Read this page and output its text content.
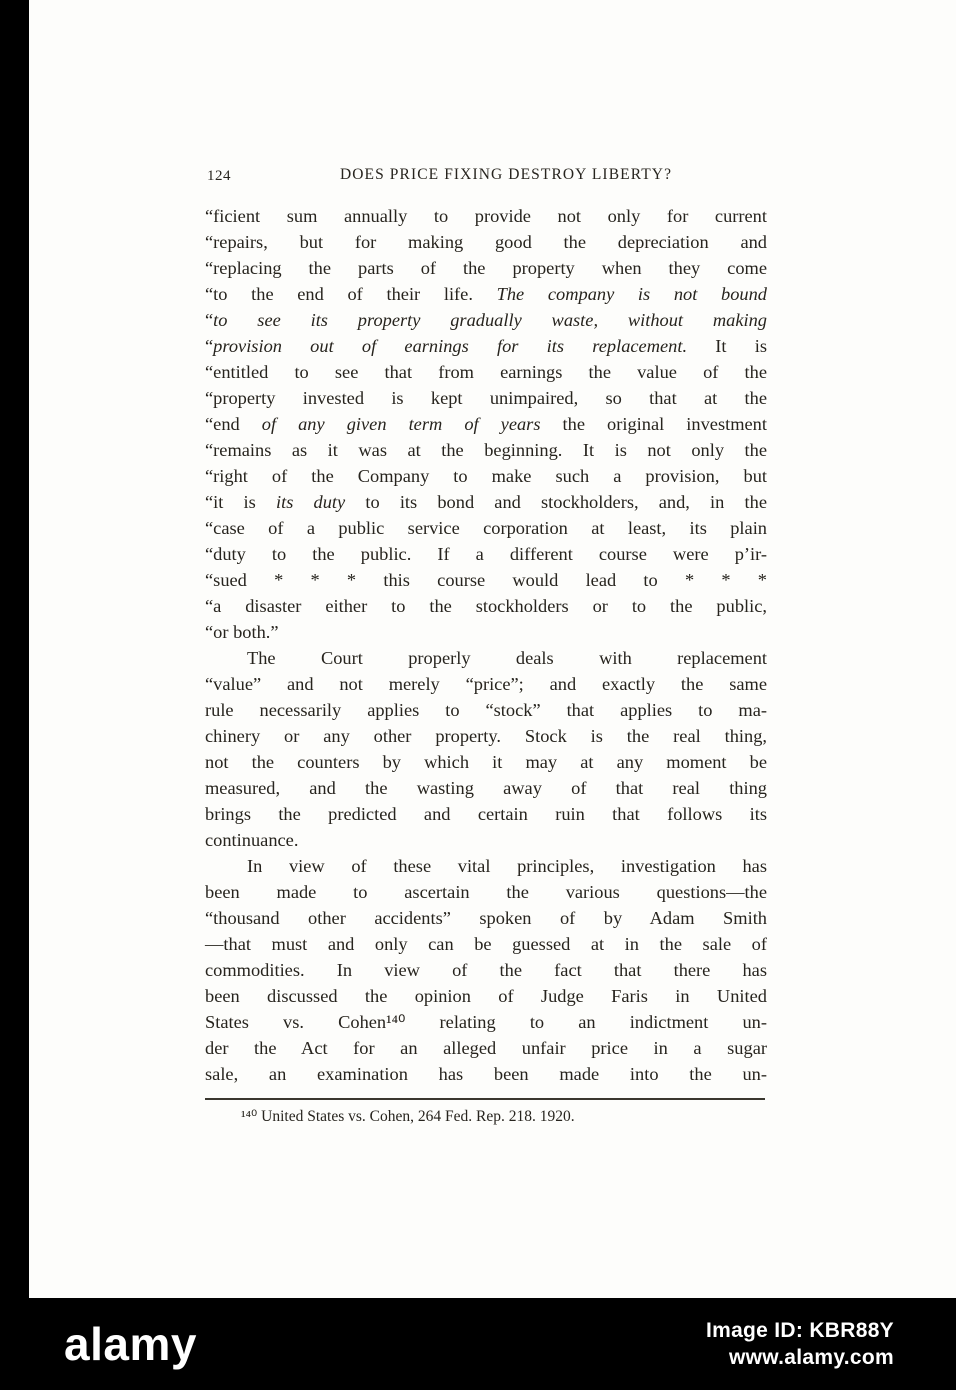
124	DOES PRICE FIXING DESTROY LIBERTY?
“ficient sum annually to provide not only for current
“repairs, but for making good the depreciation and
“replacing the parts of the property when they come
“to the end of their life. The company is not bound
“to see its property gradually waste, without making
“provision out of earnings for its replacement. It is
“entitled to see that from earnings the value of the
“property invested is kept unimpaired, so that at the
“end of any given term of years the original investment
“remains as it was at the beginning. It is not only the
“right of the Company to make such a provision, but
“it is its duty to its bond and stockholders, and, in the
“case of a public service corporation at least, its plain
“duty to the public. If a different course were p’ir-
“sued * * * this course would lead to * * *
“a disaster either to the stockholders or to the public,
“or both.”
The Court properly deals with replacement
“value” and not merely “price”; and exactly the same
rule necessarily applies to “stock” that applies to ma-
chinery or any other property. Stock is the real thing,
not the counters by which it may at any moment be
measured, and the wasting away of that real thing
brings the predicted and certain ruin that follows its
continuance.
In view of these vital principles, investigation has
been made to ascertain the various questions—the
“thousand other accidents” spoken of by Adam Smith
—that must and only can be guessed at in the sale of
commodities. In view of the fact that there has
been discussed the opinion of Judge Faris in United
States vs. Cohen¹⁴⁰ relating to an indictment un-
der the Act for an alleged unfair price in a sugar
sale, an examination has been made into the un-
¹⁴⁰ United States vs. Cohen, 264 Fed. Rep. 218. 1920.
alamy	Image ID: KBR88Y
www.alamy.com
